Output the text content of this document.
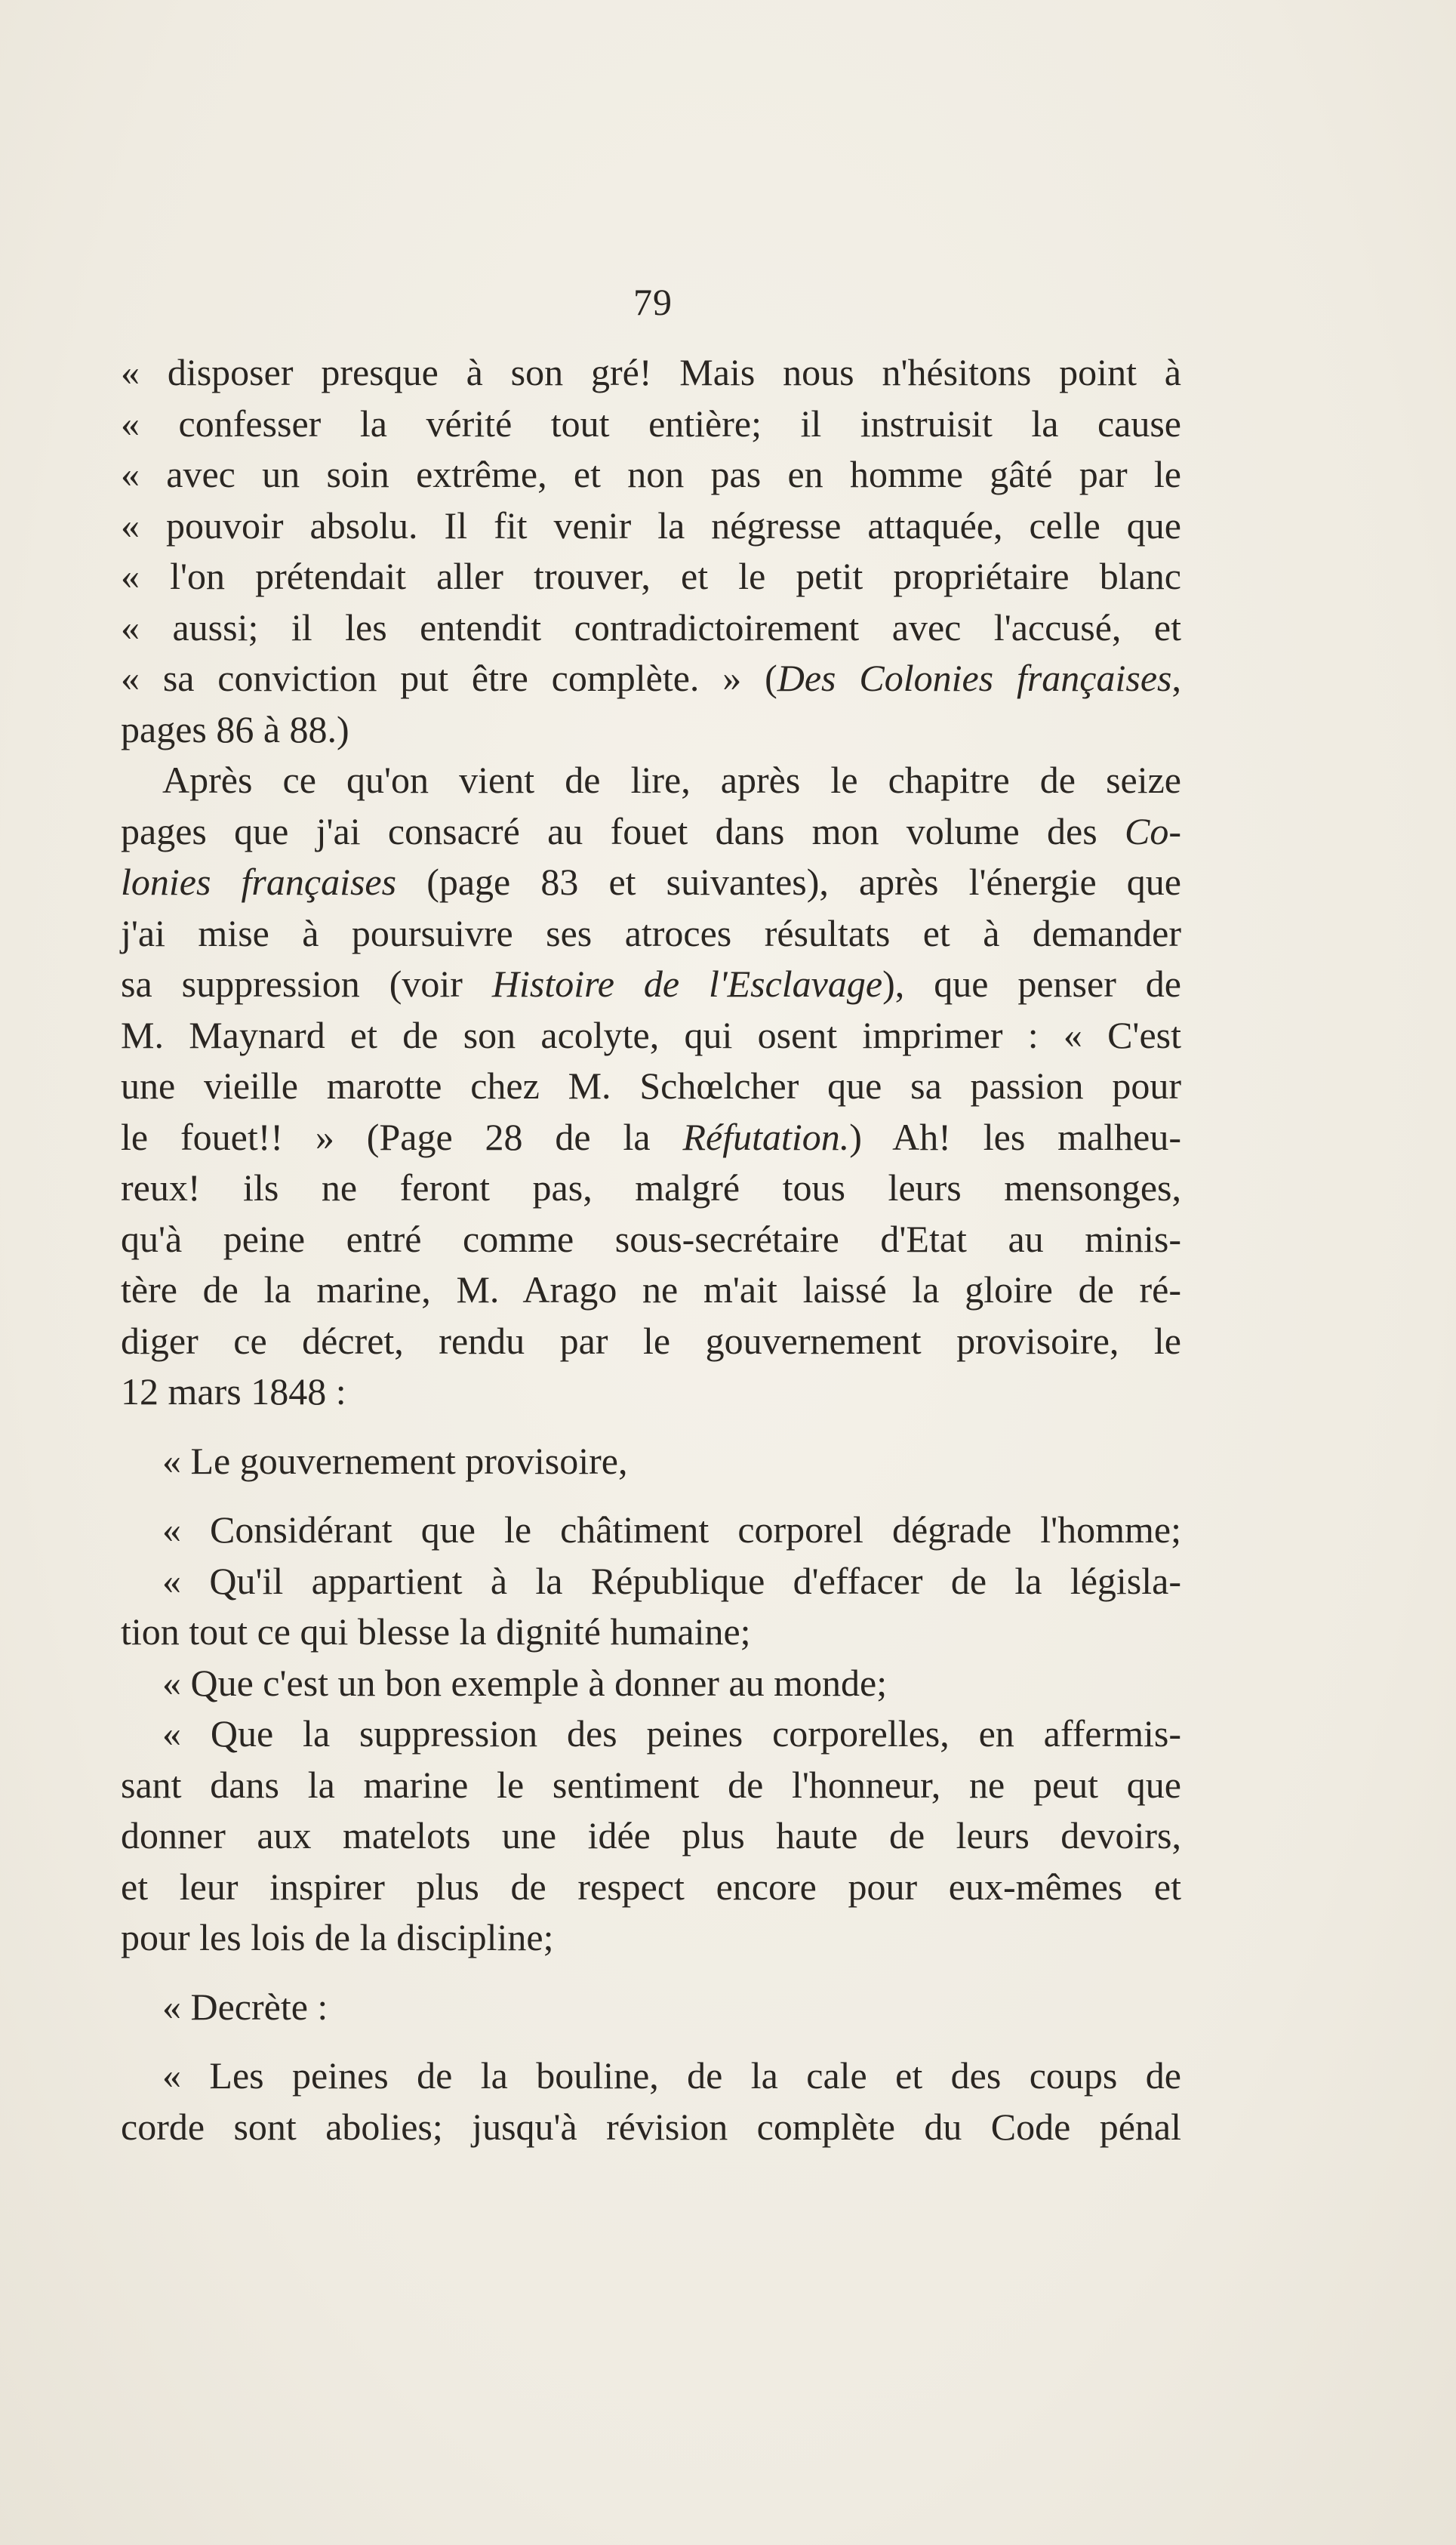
79
« disposer presque à son gré! Mais nous n'hésitons point à
« confesser la vérité tout entière; il instruisit la cause
« avec un soin extrême, et non pas en homme gâté par le
« pouvoir absolu. Il fit venir la négresse attaquée, celle que
« l'on prétendait aller trouver, et le petit propriétaire blanc
« aussi; il les entendit contradictoirement avec l'accusé, et
« sa conviction put être complète. » (Des Colonies françaises,
pages 86 à 88.)
Après ce qu'on vient de lire, après le chapitre de seize
pages que j'ai consacré au fouet dans mon volume des Co-
lonies françaises (page 83 et suivantes), après l'énergie que
j'ai mise à poursuivre ses atroces résultats et à demander
sa suppression (voir Histoire de l'Esclavage), que penser de
M. Maynard et de son acolyte, qui osent imprimer : « C'est
une vieille marotte chez M. Schœlcher que sa passion pour
le fouet!! » (Page 28 de la Réfutation.) Ah! les malheu-
reux! ils ne feront pas, malgré tous leurs mensonges,
qu'à peine entré comme sous-secrétaire d'Etat au minis-
tère de la marine, M. Arago ne m'ait laissé la gloire de ré-
diger ce décret, rendu par le gouvernement provisoire, le
12 mars 1848 :
« Le gouvernement provisoire,
« Considérant que le châtiment corporel dégrade l'homme;
« Qu'il appartient à la République d'effacer de la législa-
tion tout ce qui blesse la dignité humaine;
« Que c'est un bon exemple à donner au monde;
« Que la suppression des peines corporelles, en affermis-
sant dans la marine le sentiment de l'honneur, ne peut que
donner aux matelots une idée plus haute de leurs devoirs,
et leur inspirer plus de respect encore pour eux-mêmes et
pour les lois de la discipline;
« Decrète :
« Les peines de la bouline, de la cale et des coups de
corde sont abolies; jusqu'à révision complète du Code pénal
